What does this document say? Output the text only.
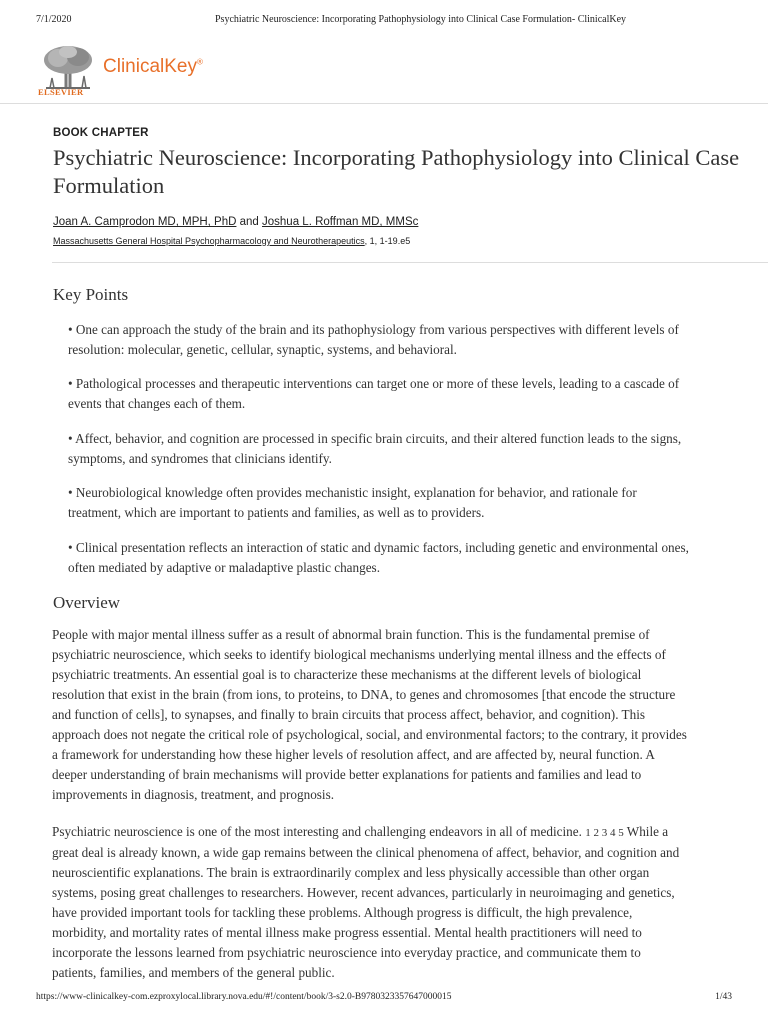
7/1/2020	Psychiatric Neuroscience: Incorporating Pathophysiology into Clinical Case Formulation- ClinicalKey
ELSEVIER
ClinicalKey®
BOOK CHAPTER
Psychiatric Neuroscience: Incorporating Pathophysiology into Clinical Case Formulation
Joan A. Camprodon MD, MPH, PhD and Joshua L. Roffman MD, MMSc
Massachusetts General Hospital Psychopharmacology and Neurotherapeutics, 1, 1-19.e5
Key Points
• One can approach the study of the brain and its pathophysiology from various perspectives with different levels of
resolution: molecular, genetic, cellular, synaptic, systems, and behavioral.
• Pathological processes and therapeutic interventions can target one or more of these levels, leading to a cascade of
events that changes each of them.
• Affect, behavior, and cognition are processed in specific brain circuits, and their altered function leads to the signs,
symptoms, and syndromes that clinicians identify.
• Neurobiological knowledge often provides mechanistic insight, explanation for behavior, and rationale for
treatment, which are important to patients and families, as well as to providers.
• Clinical presentation reflects an interaction of static and dynamic factors, including genetic and environmental ones,
often mediated by adaptive or maladaptive plastic changes.
Overview
People with major mental illness suffer as a result of abnormal brain function. This is the fundamental premise of
psychiatric neuroscience, which seeks to identify biological mechanisms underlying mental illness and the effects of
psychiatric treatments. An essential goal is to characterize these mechanisms at the different levels of biological
resolution that exist in the brain (from ions, to proteins, to DNA, to genes and chromosomes [that encode the structure
and function of cells], to synapses, and finally to brain circuits that process affect, behavior, and cognition). This
approach does not negate the critical role of psychological, social, and environmental factors; to the contrary, it provides
a framework for understanding how these higher levels of resolution affect, and are affected by, neural function. A
deeper understanding of brain mechanisms will provide better explanations for patients and families and lead to
improvements in diagnosis, treatment, and prognosis.
Psychiatric neuroscience is one of the most interesting and challenging endeavors in all of medicine. 1 2 3 4 5 While a
great deal is already known, a wide gap remains between the clinical phenomena of affect, behavior, and cognition and
neuroscientific explanations. The brain is extraordinarily complex and less physically accessible than other organ
systems, posing great challenges to researchers. However, recent advances, particularly in neuroimaging and genetics,
have provided important tools for tackling these problems. Although progress is difficult, the high prevalence,
morbidity, and mortality rates of mental illness make progress essential. Mental health practitioners will need to
incorporate the lessons learned from psychiatric neuroscience into everyday practice, and communicate them to
patients, families, and members of the general public.
https://www-clinicalkey-com.ezproxylocal.library.nova.edu/#!/content/book/3-s2.0-B9780323357647000015	1/43
